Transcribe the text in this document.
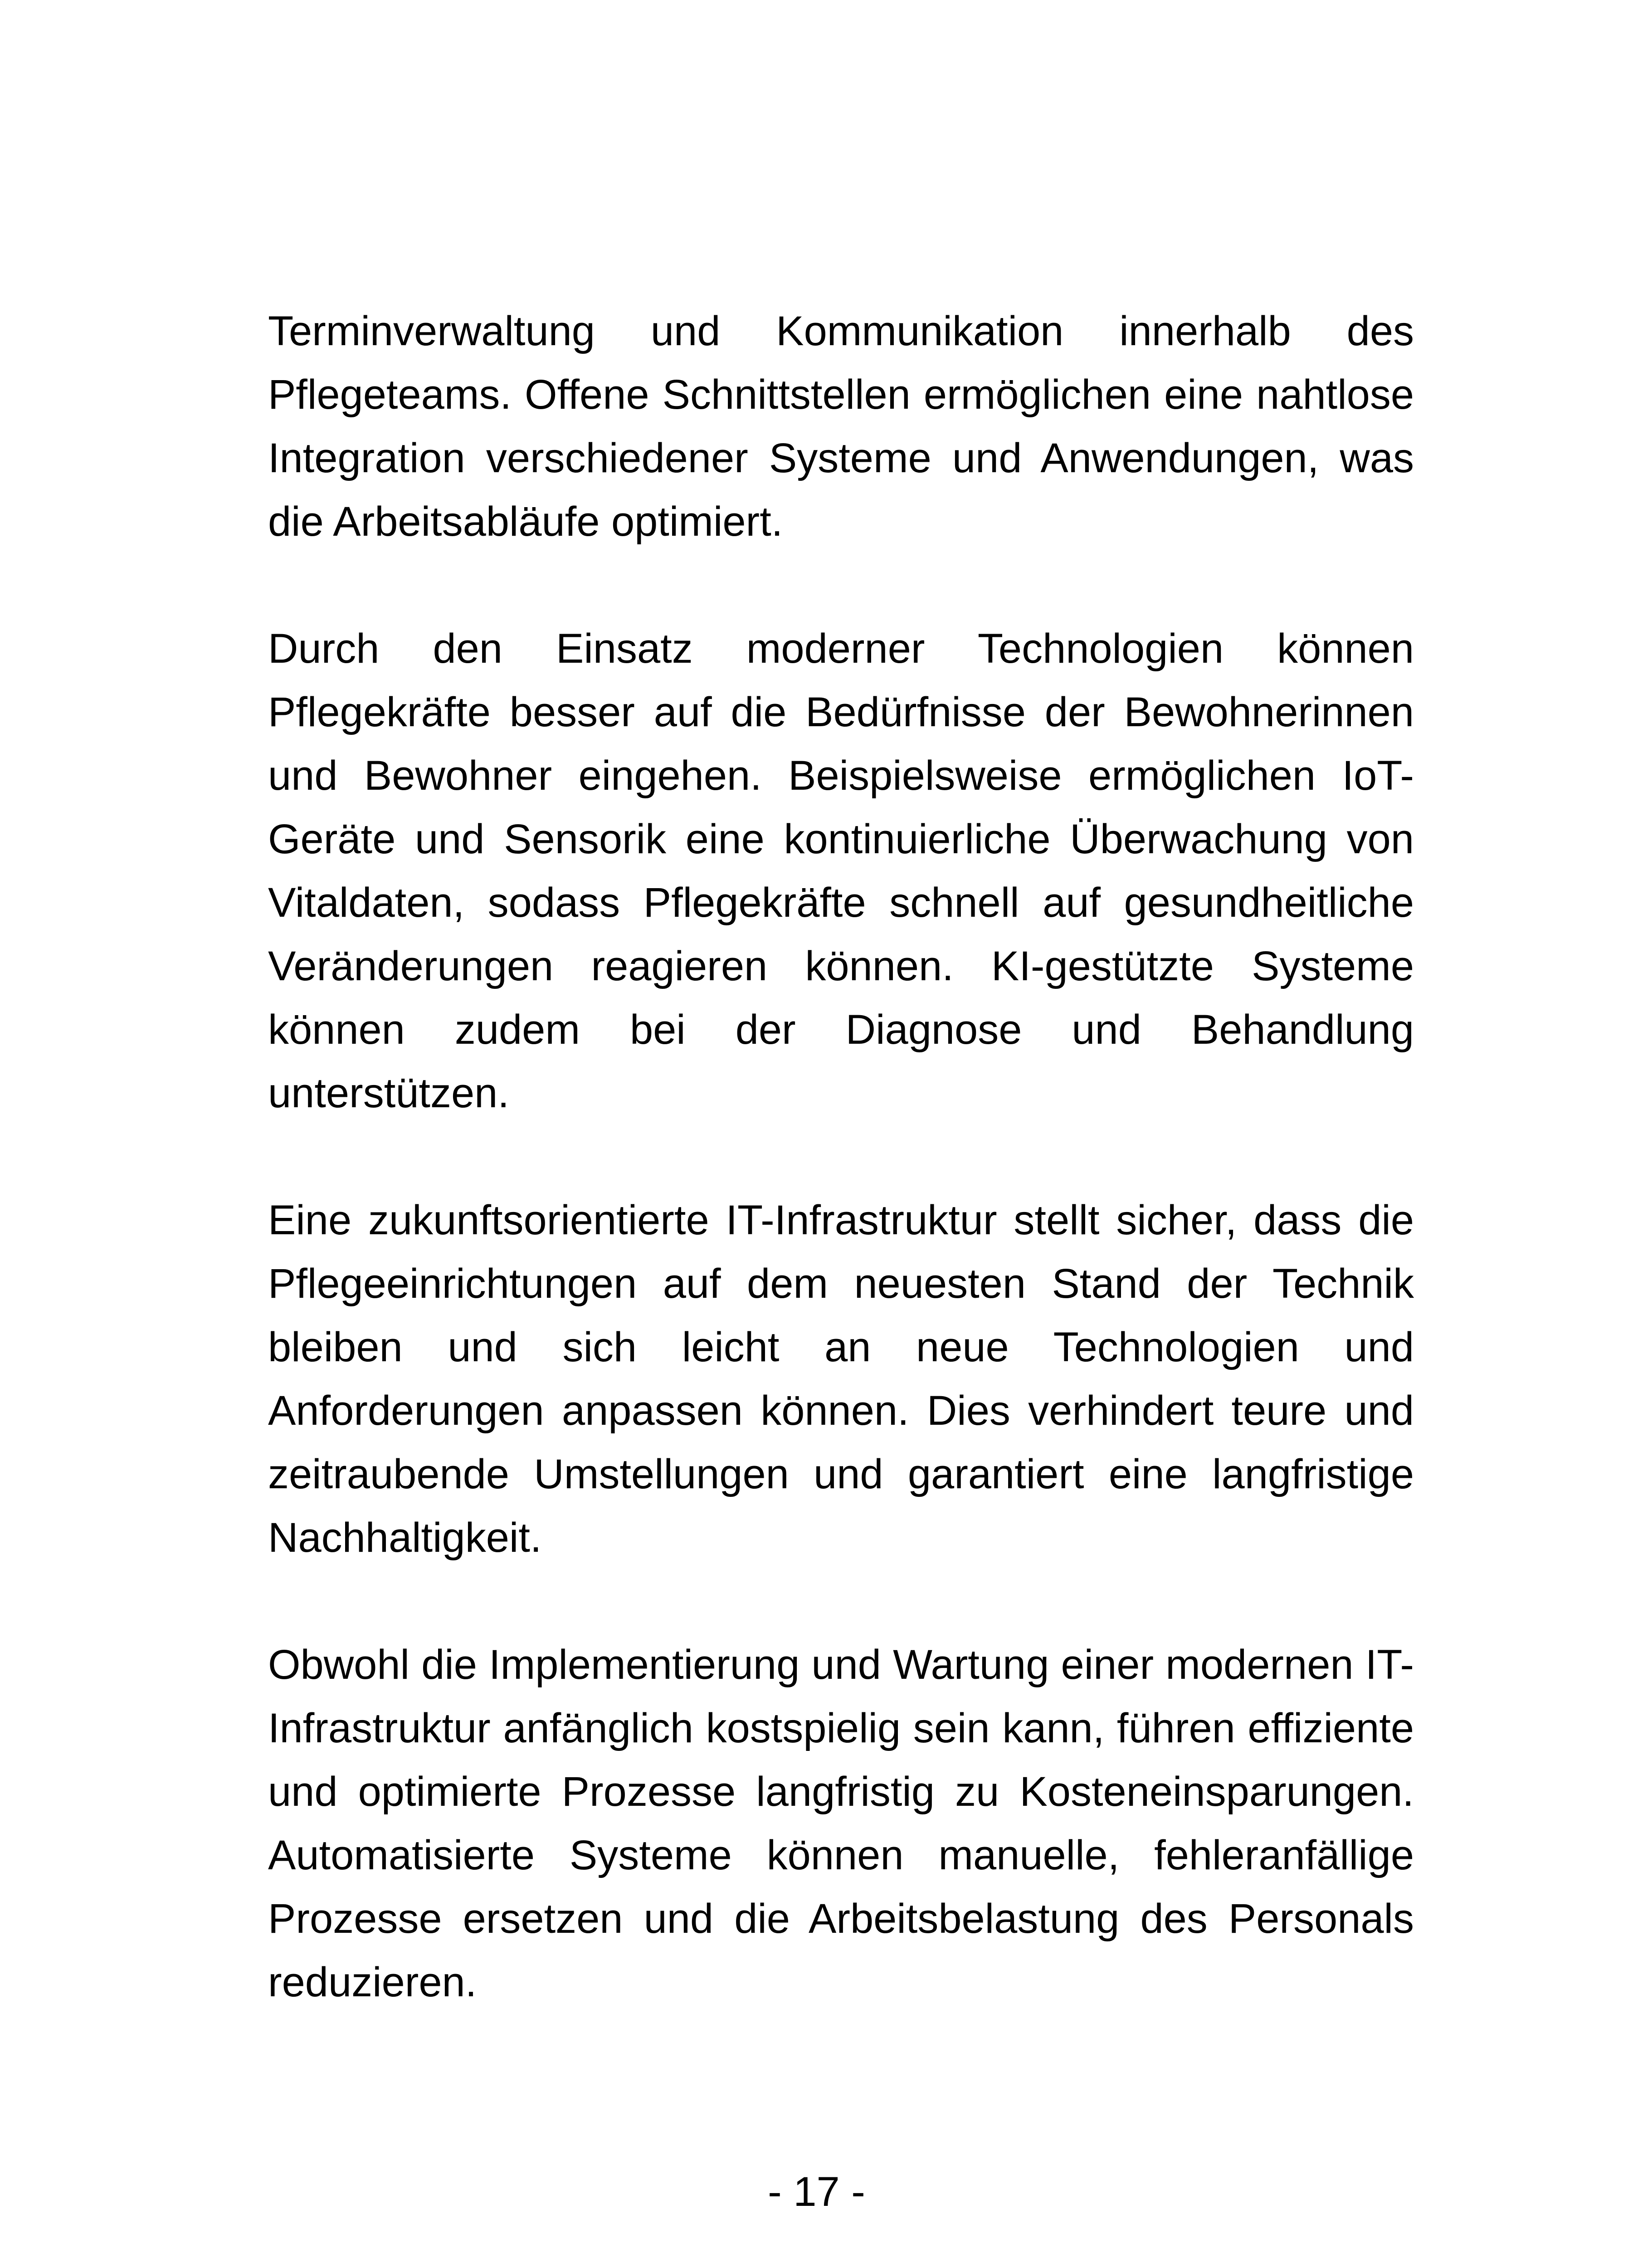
Terminverwaltung und Kommunikation innerhalb des Pflegeteams. Offene Schnittstellen ermöglichen eine nahtlose Integration verschiedener Systeme und Anwendungen, was die Arbeitsabläufe optimiert.

Durch den Einsatz moderner Technologien können Pflegekräfte besser auf die Bedürfnisse der Bewohnerinnen und Bewohner eingehen. Beispielsweise ermöglichen IoT-Geräte und Sensorik eine kontinuierliche Überwachung von Vitaldaten, sodass Pflegekräfte schnell auf gesundheitliche Veränderungen reagieren können. KI-gestützte Systeme können zudem bei der Diagnose und Behandlung unterstützen.

Eine zukunftsorientierte IT-Infrastruktur stellt sicher, dass die Pflegeeinrichtungen auf dem neuesten Stand der Technik bleiben und sich leicht an neue Technologien und Anforderungen anpassen können. Dies verhindert teure und zeitraubende Umstellungen und garantiert eine langfristige Nachhaltigkeit.

Obwohl die Implementierung und Wartung einer modernen IT-Infrastruktur anfänglich kostspielig sein kann, führen effiziente und optimierte Prozesse langfristig zu Kosteneinsparungen. Automatisierte Systeme können manuelle, fehleranfällige Prozesse ersetzen und die Arbeitsbelastung des Personals reduzieren.

- 17 -
